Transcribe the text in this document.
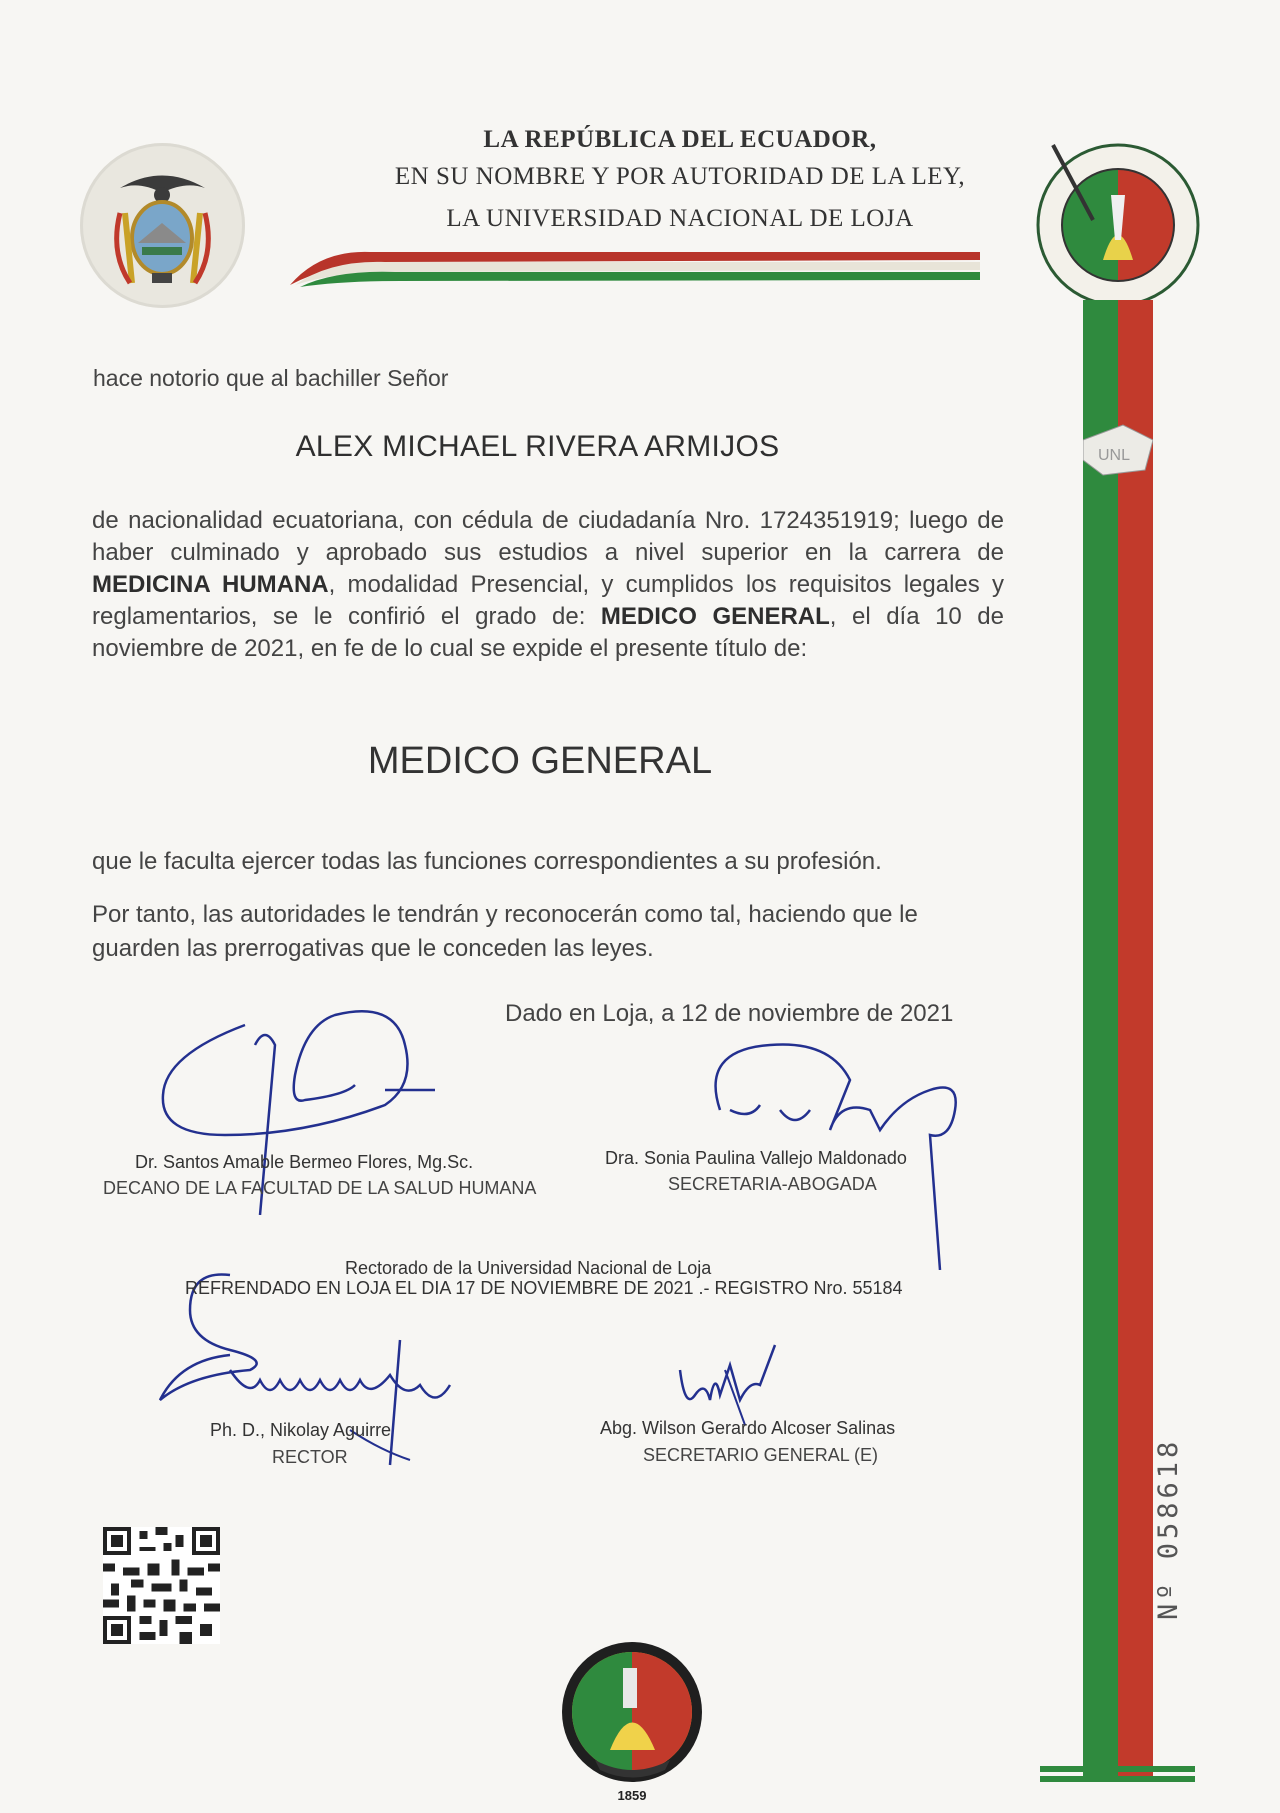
LA REPÚBLICA DEL ECUADOR,
EN SU NOMBRE Y POR AUTORIDAD DE LA LEY,
LA UNIVERSIDAD NACIONAL DE LOJA
UNL
Nº 058618
hace notorio que al bachiller Señor
ALEX MICHAEL RIVERA ARMIJOS
de nacionalidad ecuatoriana, con cédula de ciudadanía Nro. 1724351919; luego de haber culminado y aprobado sus estudios a nivel superior en la carrera de MEDICINA HUMANA, modalidad Presencial, y cumplidos los requisitos legales y reglamentarios, se le confirió el grado de: MEDICO GENERAL, el día 10 de noviembre de 2021, en fe de lo cual se expide el presente título de:
MEDICO GENERAL
que le faculta ejercer todas las funciones correspondientes a su profesión.
Por tanto, las autoridades le tendrán y reconocerán como tal, haciendo que le guarden las prerrogativas que le conceden las leyes.
Dado en Loja, a 12 de noviembre de 2021
Dr. Santos Amable Bermeo Flores, Mg.Sc.
DECANO DE LA FACULTAD DE LA SALUD HUMANA
Dra. Sonia Paulina Vallejo Maldonado
SECRETARIA-ABOGADA
Rectorado de la Universidad Nacional de Loja
REFRENDADO EN LOJA EL DIA 17 DE NOVIEMBRE DE 2021 .- REGISTRO Nro. 55184
Ph. D., Nikolay Aguirre
RECTOR
Abg. Wilson Gerardo Alcoser Salinas
SECRETARIO GENERAL (E)
1859
